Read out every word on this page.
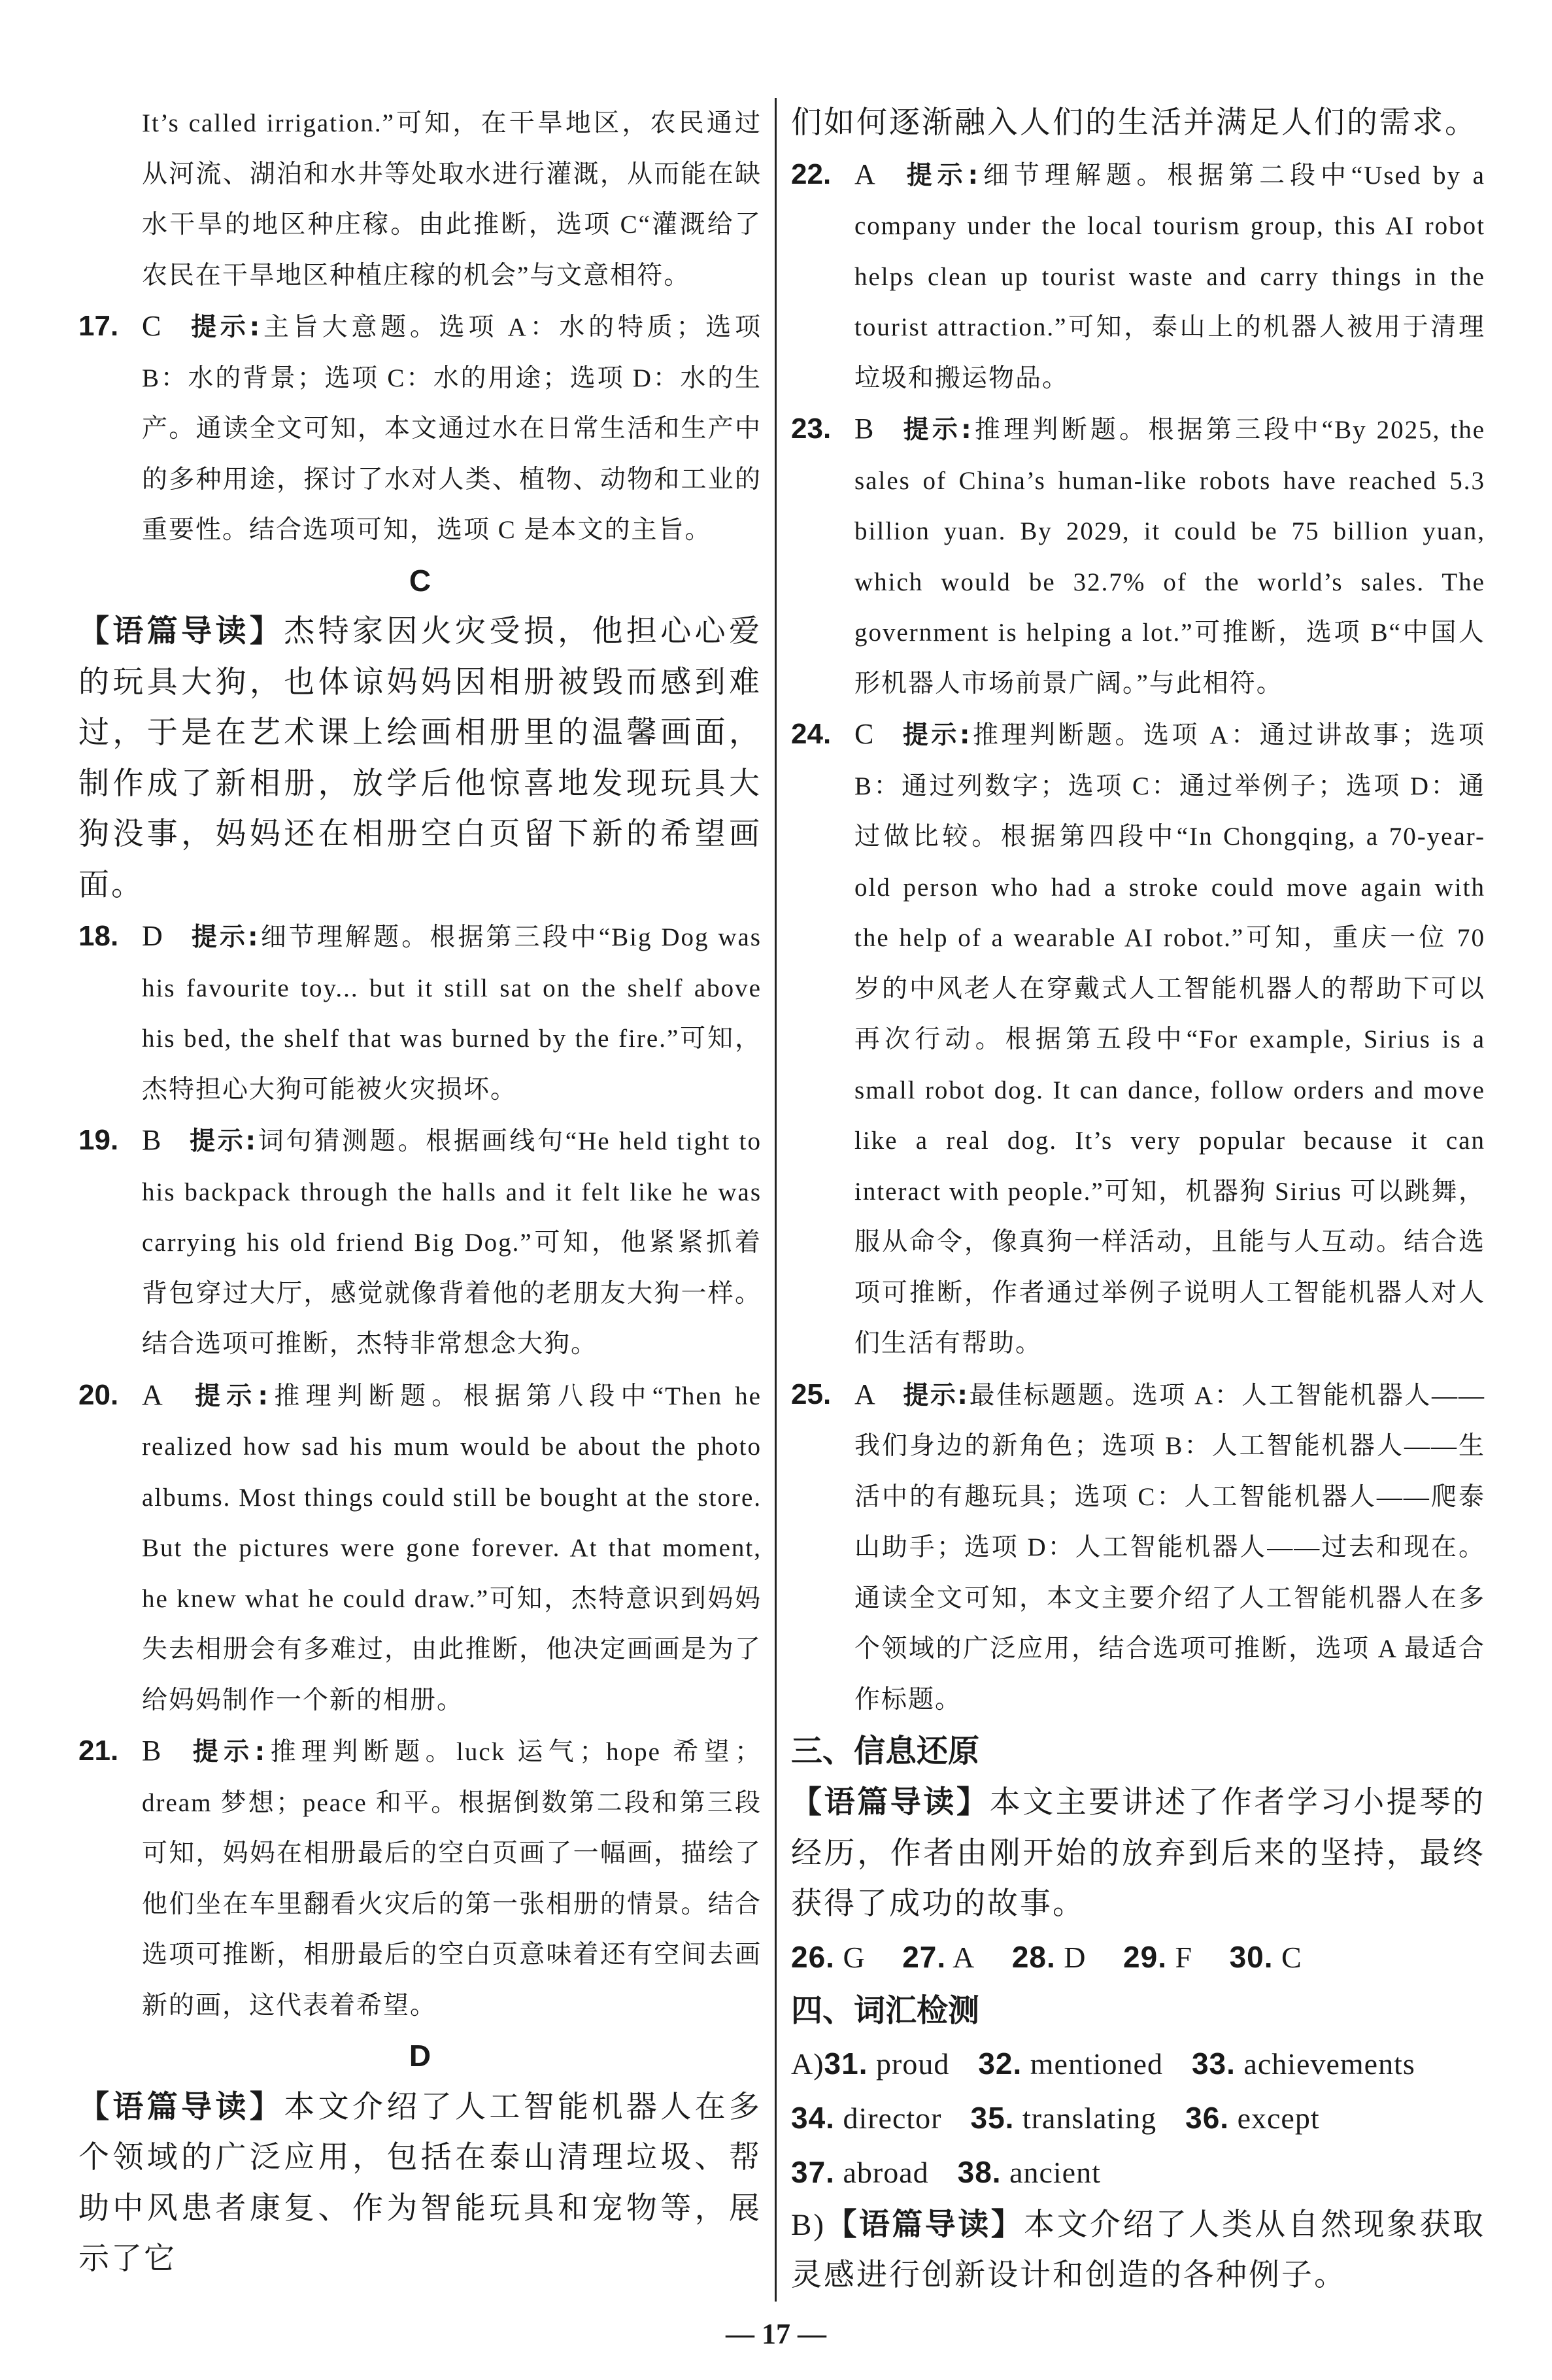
It’s called irrigation.”可知，在干旱地区，农民通过从河流、湖泊和水井等处取水进行灌溉，从而能在缺水干旱的地区种庄稼。由此推断，选项 C“灌溉给了农民在干旱地区种植庄稼的机会”与文意相符。
17. C 提示:主旨大意题。选项 A：水的特质；选项 B：水的背景；选项 C：水的用途；选项 D：水的生产。通读全文可知，本文通过水在日常生活和生产中的多种用途，探讨了水对人类、植物、动物和工业的重要性。结合选项可知，选项 C 是本文的主旨。
C
【语篇导读】杰特家因火灾受损，他担心心爱的玩具大狗，也体谅妈妈因相册被毁而感到难过，于是在艺术课上绘画相册里的温馨画面，制作成了新相册，放学后他惊喜地发现玩具大狗没事，妈妈还在相册空白页留下新的希望画面。
18. D 提示:细节理解题。根据第三段中“Big Dog was his favourite toy... but it still sat on the shelf above his bed, the shelf that was burned by the fire.”可知，杰特担心大狗可能被火灾损坏。
19. B 提示:词句猜测题。根据画线句“He held tight to his backpack through the halls and it felt like he was carrying his old friend Big Dog.”可知，他紧紧抓着背包穿过大厅，感觉就像背着他的老朋友大狗一样。结合选项可推断，杰特非常想念大狗。
20. A 提示:推理判断题。根据第八段中“Then he realized how sad his mum would be about the photo albums. Most things could still be bought at the store. But the pictures were gone forever. At that moment, he knew what he could draw.”可知，杰特意识到妈妈失去相册会有多难过，由此推断，他决定画画是为了给妈妈制作一个新的相册。
21. B 提示:推理判断题。luck 运气；hope 希望；dream 梦想；peace 和平。根据倒数第二段和第三段可知，妈妈在相册最后的空白页画了一幅画，描绘了他们坐在车里翻看火灾后的第一张相册的情景。结合选项可推断，相册最后的空白页意味着还有空间去画新的画，这代表着希望。
D
【语篇导读】本文介绍了人工智能机器人在多个领域的广泛应用，包括在泰山清理垃圾、帮助中风患者康复、作为智能玩具和宠物等，展示了它
们如何逐渐融入人们的生活并满足人们的需求。
22. A 提示:细节理解题。根据第二段中“Used by a company under the local tourism group, this AI robot helps clean up tourist waste and carry things in the tourist attraction.”可知，泰山上的机器人被用于清理垃圾和搬运物品。
23. B 提示:推理判断题。根据第三段中“By 2025, the sales of China’s human-like robots have reached 5.3 billion yuan. By 2029, it could be 75 billion yuan, which would be 32.7% of the world’s sales. The government is helping a lot.”可推断，选项 B“中国人形机器人市场前景广阔。”与此相符。
24. C 提示:推理判断题。选项 A：通过讲故事；选项 B：通过列数字；选项 C：通过举例子；选项 D：通过做比较。根据第四段中“In Chongqing, a 70-year-old person who had a stroke could move again with the help of a wearable AI robot.”可知，重庆一位 70 岁的中风老人在穿戴式人工智能机器人的帮助下可以再次行动。根据第五段中“For example, Sirius is a small robot dog. It can dance, follow orders and move like a real dog. It’s very popular because it can interact with people.”可知，机器狗 Sirius 可以跳舞，服从命令，像真狗一样活动，且能与人互动。结合选项可推断，作者通过举例子说明人工智能机器人对人们生活有帮助。
25. A 提示:最佳标题题。选项 A：人工智能机器人——我们身边的新角色；选项 B：人工智能机器人——生活中的有趣玩具；选项 C：人工智能机器人——爬泰山助手；选项 D：人工智能机器人——过去和现在。通读全文可知，本文主要介绍了人工智能机器人在多个领域的广泛应用，结合选项可推断，选项 A 最适合作标题。
三、信息还原
【语篇导读】本文主要讲述了作者学习小提琴的经历，作者由刚开始的放弃到后来的坚持，最终获得了成功的故事。
26. G 27. A 28. D 29. F 30. C
四、词汇检测
A)31. proud 32. mentioned 33. achievements
34. director 35. translating 36. except
37. abroad 38. ancient
B)【语篇导读】本文介绍了人类从自然现象获取灵感进行创新设计和创造的各种例子。
— 17 —
